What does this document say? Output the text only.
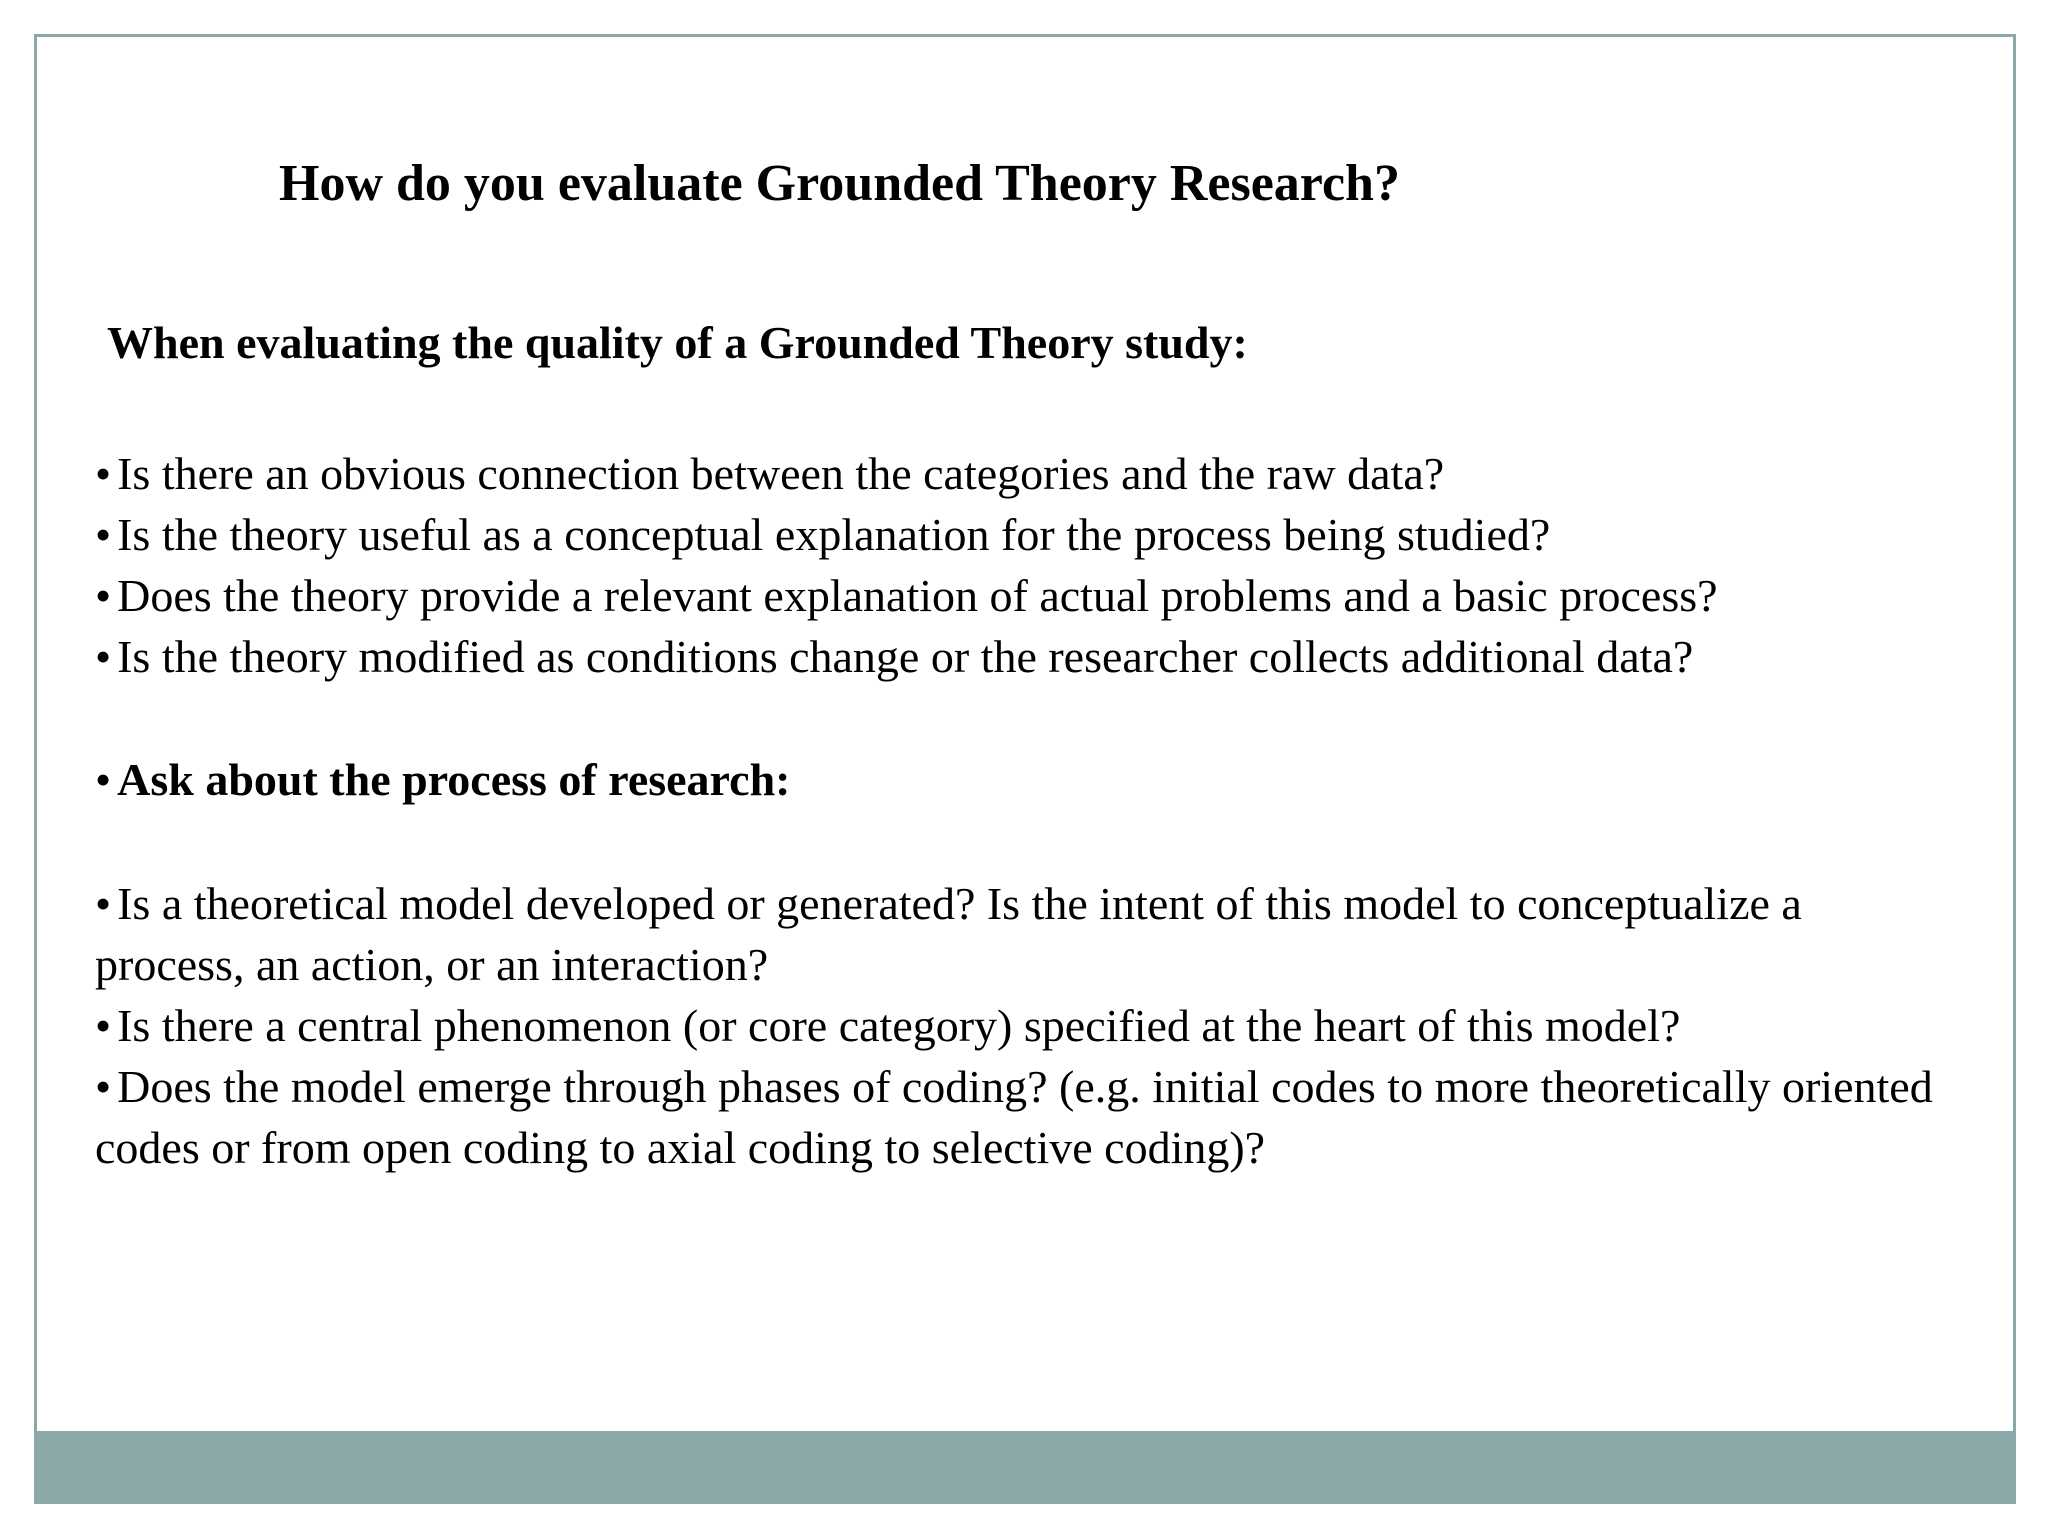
How do you evaluate Grounded Theory Research?
When evaluating the quality of a Grounded Theory study:
• Is there an obvious connection between the categories and the raw data?
• Is the theory useful as a conceptual explanation for the process being studied?
• Does the theory provide a relevant explanation of actual problems and a basic process?
• Is the theory modified as conditions change or the researcher collects additional data?

• Ask about the process of research:

• Is a theoretical model developed or generated? Is the intent of this model to conceptualize a process, an action, or an interaction?
• Is there a central phenomenon (or core category) specified at the heart of this model?
• Does the model emerge through phases of coding? (e.g. initial codes to more theoretically oriented codes or from open coding to axial coding to selective coding)?
